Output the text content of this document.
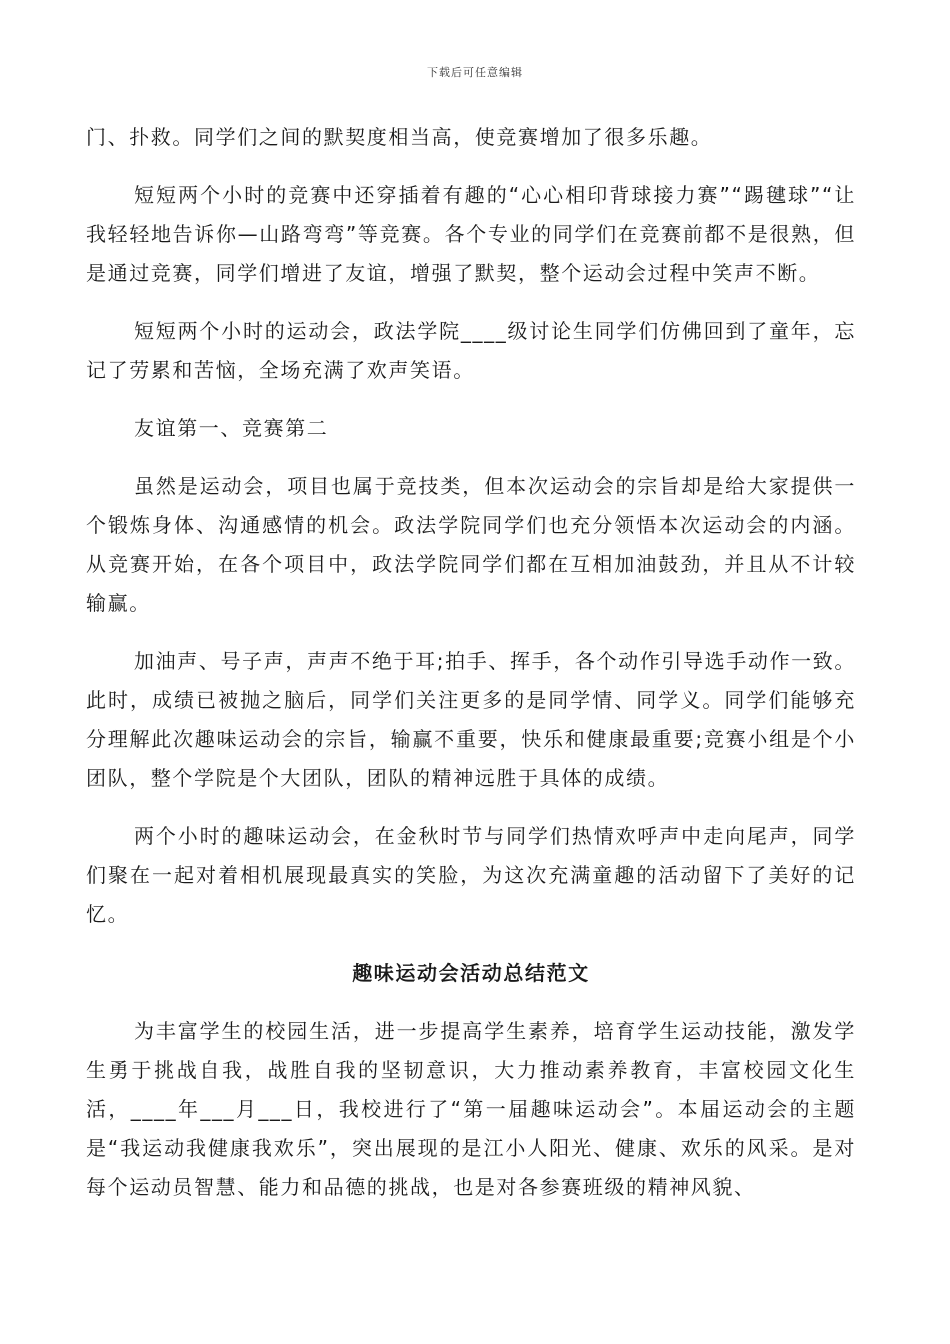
下载后可任意编辑

门、扑救。同学们之间的默契度相当高，使竞赛增加了很多乐趣。

短短两个小时的竞赛中还穿插着有趣的“心心相印背球接力赛”“踢毽球”“让我轻轻地告诉你—山路弯弯”等竞赛。各个专业的同学们在竞赛前都不是很熟，但是通过竞赛，同学们增进了友谊，增强了默契，整个运动会过程中笑声不断。

短短两个小时的运动会，政法学院____级讨论生同学们仿佛回到了童年，忘记了劳累和苦恼，全场充满了欢声笑语。

友谊第一、竞赛第二

虽然是运动会，项目也属于竞技类，但本次运动会的宗旨却是给大家提供一个锻炼身体、沟通感情的机会。政法学院同学们也充分领悟本次运动会的内涵。从竞赛开始，在各个项目中，政法学院同学们都在互相加油鼓劲，并且从不计较输赢。

加油声、号子声，声声不绝于耳;拍手、挥手，各个动作引导选手动作一致。此时，成绩已被抛之脑后，同学们关注更多的是同学情、同学义。同学们能够充分理解此次趣味运动会的宗旨，输赢不重要，快乐和健康最重要;竞赛小组是个小团队，整个学院是个大团队，团队的精神远胜于具体的成绩。

两个小时的趣味运动会，在金秋时节与同学们热情欢呼声中走向尾声，同学们聚在一起对着相机展现最真实的笑脸，为这次充满童趣的活动留下了美好的记忆。

趣味运动会活动总结范文

为丰富学生的校园生活，进一步提高学生素养，培育学生运动技能，激发学生勇于挑战自我，战胜自我的坚韧意识，大力推动素养教育，丰富校园文化生活，____年___月___日，我校进行了“第一届趣味运动会”。本届运动会的主题是“我运动我健康我欢乐”，突出展现的是江小人阳光、健康、欢乐的风采。是对每个运动员智慧、能力和品德的挑战，也是对各参赛班级的精神风貌、
